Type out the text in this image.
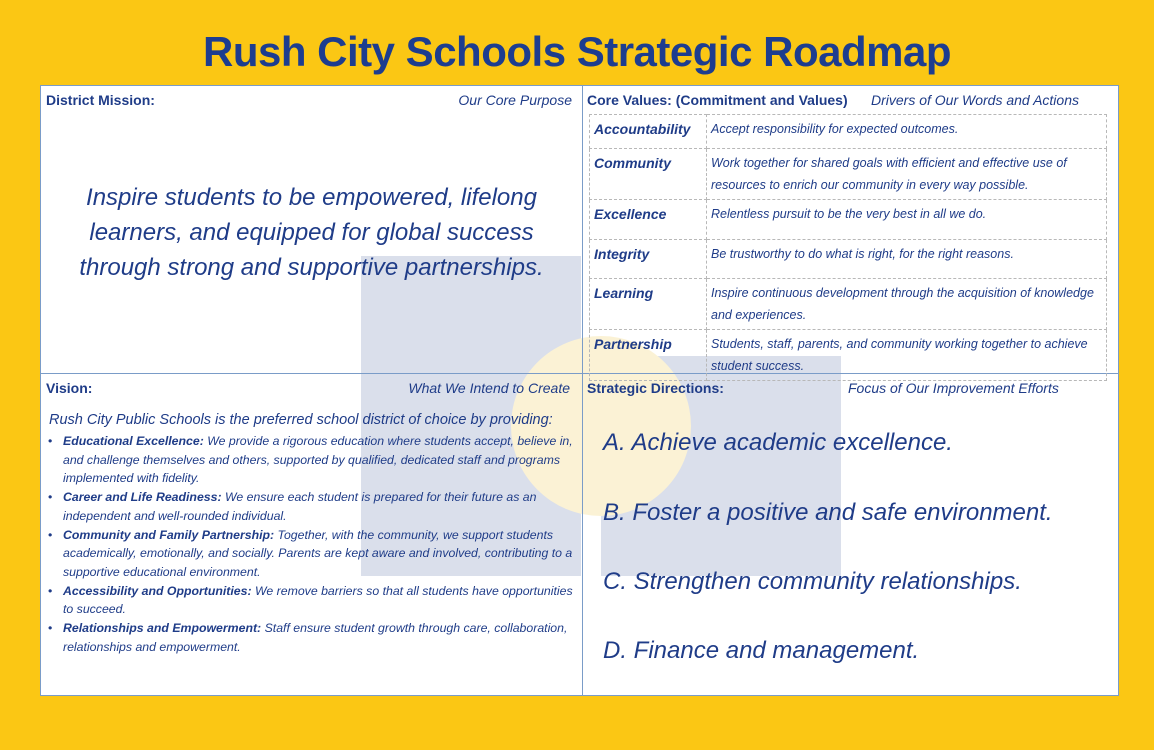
Rush City Schools Strategic Roadmap
District Mission:	Our Core Purpose
Inspire students to be empowered, lifelong learners, and equipped for global success through strong and supportive partnerships.
Core Values: (Commitment and Values) Drivers of Our Words and Actions
Accountability	Accept responsibility for expected outcomes.
Community	Work together for shared goals with efficient and effective use of resources to enrich our community in every way possible.
Excellence	Relentless pursuit to be the very best in all we do.
Integrity	Be trustworthy to do what is right, for the right reasons.
Learning	Inspire continuous development through the acquisition of knowledge and experiences.
Partnership	Students, staff, parents, and community working together to achieve student success.
Vision:	What We Intend to Create
Rush City Public Schools is the preferred school district of choice by providing:
• Educational Excellence: We provide a rigorous education where students accept, believe in, and challenge themselves and others, supported by qualified, dedicated staff and programs implemented with fidelity.
• Career and Life Readiness: We ensure each student is prepared for their future as an independent and well-rounded individual.
• Community and Family Partnership: Together, with the community, we support students academically, emotionally, and socially. Parents are kept aware and involved, contributing to a supportive educational environment.
• Accessibility and Opportunities: We remove barriers so that all students have opportunities to succeed.
• Relationships and Empowerment: Staff ensure student growth through care, collaboration, relationships and empowerment.
Strategic Directions:	Focus of Our Improvement Efforts
A. Achieve academic excellence.
B. Foster a positive and safe environment.
C. Strengthen community relationships.
D. Finance and management.
